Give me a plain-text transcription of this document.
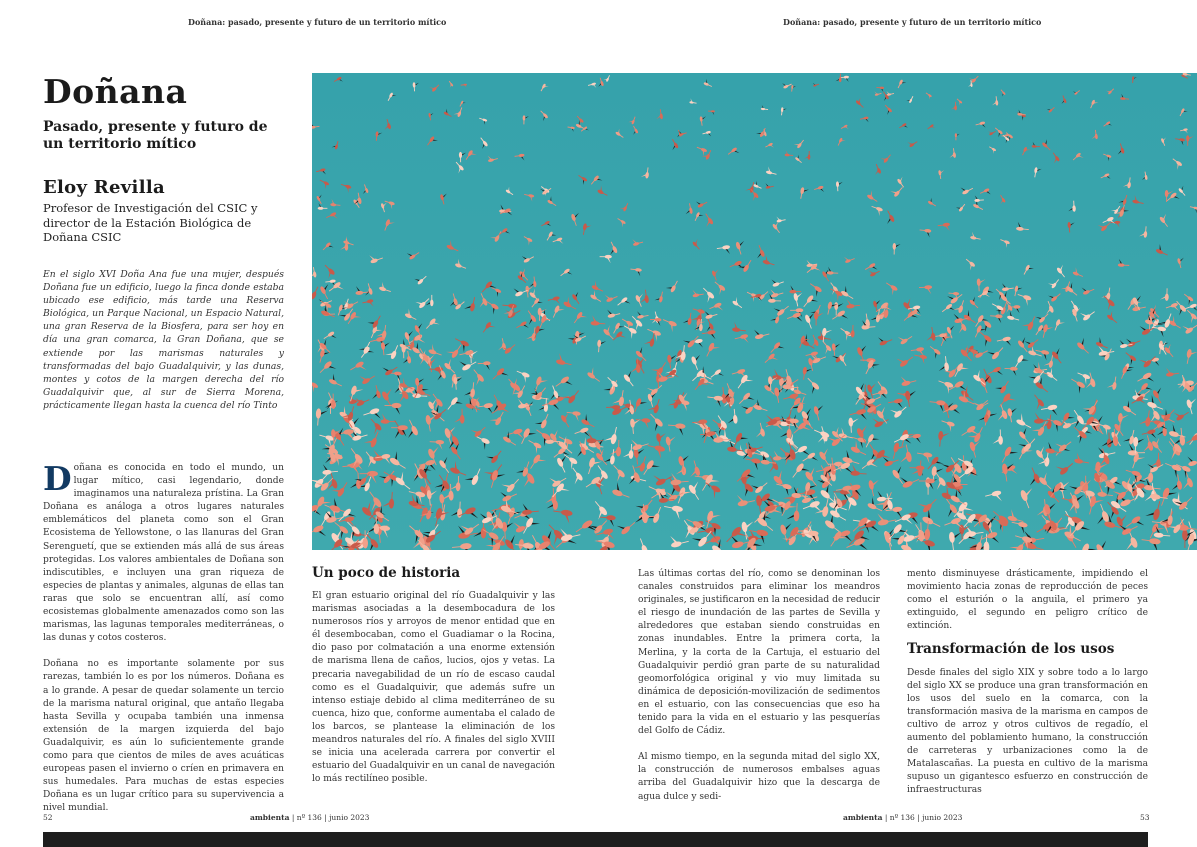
Doñana: pasado, presente y futuro de un territorio mítico	Doñana: pasado, presente y futuro de un territorio mítico
Doñana
Pasado, presente y futuro de un territorio mítico
Eloy Revilla
Profesor de Investigación del CSIC y director de la Estación Biológica de Doñana CSIC
En el siglo XVI Doña Ana fue una mujer, después Doñana fue un edificio, luego la finca donde estaba ubicado ese edificio, más tarde una Reserva Biológica, un Parque Nacional, un Espacio Natural, una gran Reserva de la Biosfera, para ser hoy en día una gran comarca, la Gran Doñana, que se extiende por las marismas naturales y transformadas del bajo Guadalquivir, y las dunas, montes y cotos de la margen derecha del río Guadalquivir que, al sur de Sierra Morena, prácticamente llegan hasta la cuenca del río Tinto

Doñana es conocida en todo el mundo, un lugar mítico, casi legendario, donde imaginamos una naturaleza prístina. La Gran Doñana es análoga a otros lugares naturales emblemáticos del planeta como son el Gran Ecosistema de Yellowstone, o las llanuras del Gran Serenguetí, que se extienden más allá de sus áreas protegidas. Los valores ambientales de Doñana son indiscutibles, e incluyen una gran riqueza de especies de plantas y animales, algunas de ellas tan raras que solo se encuentran allí, así como ecosistemas globalmente amenazados como son las marismas, las lagunas temporales mediterráneas, o las dunas y cotos costeros.

Doñana no es importante solamente por sus rarezas, también lo es por los números. Doñana es a lo grande. A pesar de quedar solamente un tercio de la marisma natural original, que antaño llegaba hasta Sevilla y ocupaba también una inmensa extensión de la margen izquierda del bajo Guadalquivir, es aún lo suficientemente grande como para que cientos de miles de aves acuáticas europeas pasen el invierno o críen en primavera en sus humedales. Para muchas de estas especies Doñana es un lugar crítico para su supervivencia a nivel mundial.

Un poco de historia

El gran estuario original del río Guadalquivir y las marismas asociadas a la desembocadura de los numerosos ríos y arroyos de menor entidad que en él desembocaban, como el Guadiamar o la Rocina, dio paso por colmatación a una enorme extensión de marisma llena de caños, lucios, ojos y vetas. La precaria navegabilidad de un río de escaso caudal como es el Guadalquivir, que además sufre un intenso estiaje debido al clima mediterráneo de su cuenca, hizo que, conforme aumentaba el calado de los barcos, se plantease la eliminación de los meandros naturales del río. A finales del siglo XVIII se inicia una acelerada carrera por convertir el estuario del Guadalquivir en un canal de navegación lo más rectilíneo posible.

Las últimas cortas del río, como se denominan los canales construidos para eliminar los meandros originales, se justificaron en la necesidad de reducir el riesgo de inundación de las partes de Sevilla y alrededores que estaban siendo construidas en zonas inundables. Entre la primera corta, la Merlina, y la corta de la Cartuja, el estuario del Guadalquivir perdió gran parte de su naturalidad geomorfológica original y vio muy limitada su dinámica de deposición-movilización de sedimentos en el estuario, con las consecuencias que eso ha tenido para la vida en el estuario y las pesquerías del Golfo de Cádiz.

Al mismo tiempo, en la segunda mitad del siglo XX, la construcción de numerosos embalses aguas arriba del Guadalquivir hizo que la descarga de agua dulce y sedi-

mento disminuyese drásticamente, impidiendo el movimiento hacia zonas de reproducción de peces como el esturión o la anguila, el primero ya extinguido, el segundo en peligro crítico de extinción.

Transformación de los usos

Desde finales del siglo XIX y sobre todo a lo largo del siglo XX se produce una gran transformación en los usos del suelo en la comarca, con la transformación masiva de la marisma en campos de cultivo de arroz y otros cultivos de regadío, el aumento del poblamiento humano, la construcción de carreteras y urbanizaciones como la de Matalascañas. La puesta en cultivo de la marisma supuso un gigantesco esfuerzo en construcción de infraestructuras

52	ambienta | nº 136 | junio 2023	ambienta | nº 136 | junio 2023	53
